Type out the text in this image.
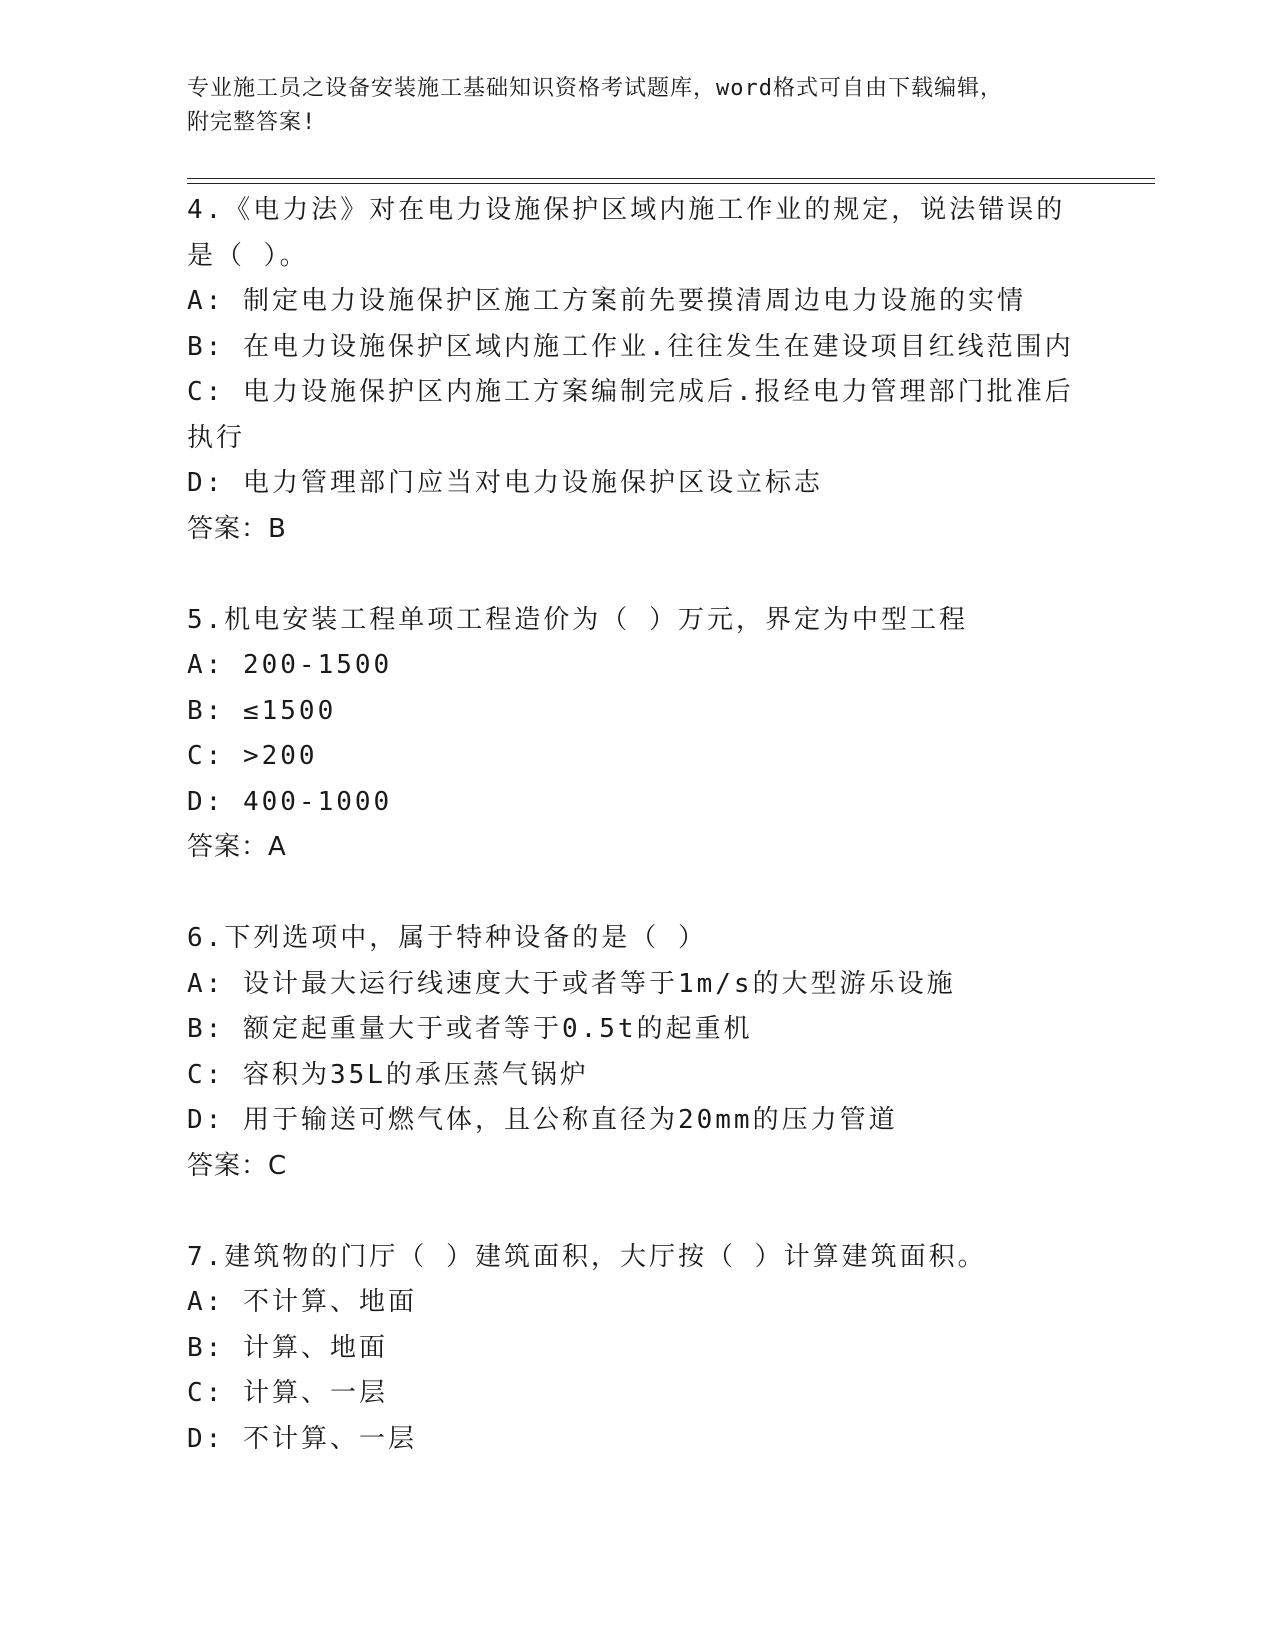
专业施工员之设备安装施工基础知识资格考试题库，word格式可自由下载编辑，
附完整答案!
4.《电力法》对在电力设施保护区域内施工作业的规定，说法错误的
是（ ）。
A: 制定电力设施保护区施工方案前先要摸清周边电力设施的实情
B: 在电力设施保护区域内施工作业.往往发生在建设项目红线范围内
C: 电力设施保护区内施工方案编制完成后.报经电力管理部门批准后
执行
D: 电力管理部门应当对电力设施保护区设立标志
答案：B
5.机电安装工程单项工程造价为（ ）万元，界定为中型工程
A: 200-1500
B: ≤1500
C: >200
D: 400-1000
答案：A
6.下列选项中，属于特种设备的是（ ）
A: 设计最大运行线速度大于或者等于1m/s的大型游乐设施
B: 额定起重量大于或者等于0.5t的起重机
C: 容积为35L的承压蒸气锅炉
D: 用于输送可燃气体，且公称直径为20mm的压力管道
答案：C
7.建筑物的门厅（ ）建筑面积，大厅按（ ）计算建筑面积。
A: 不计算、地面
B: 计算、地面
C: 计算、一层
D: 不计算、一层
